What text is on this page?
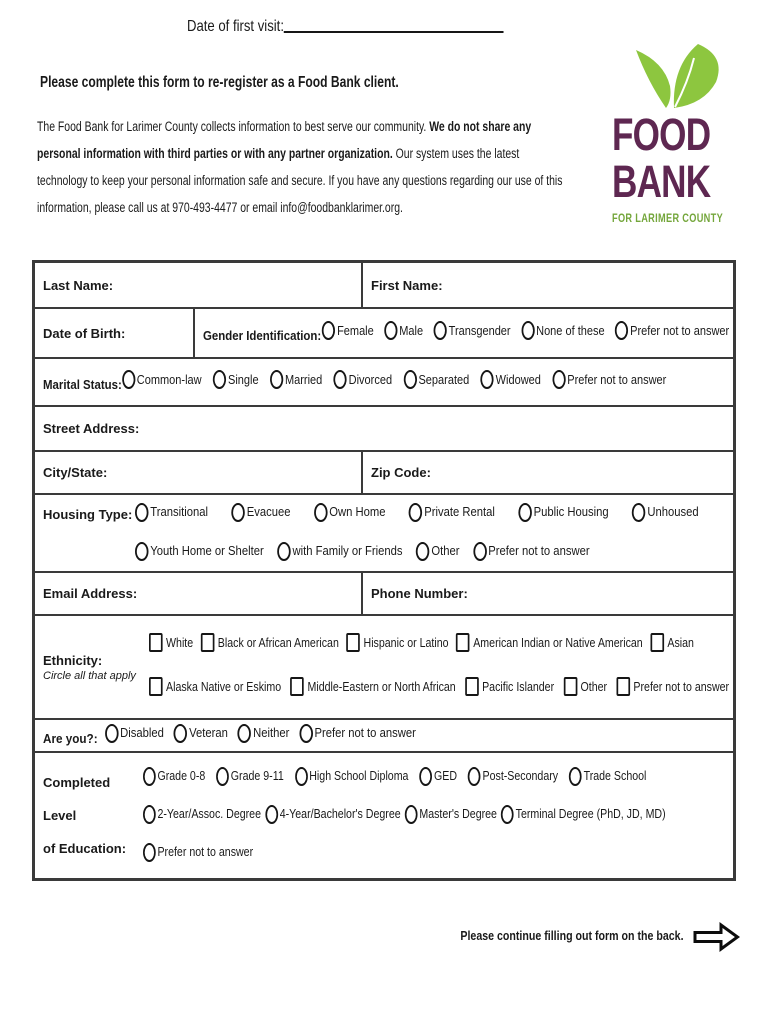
Date of first visit:
Please complete this form to re-register as a Food Bank client.
The Food Bank for Larimer County collects information to best serve our community. We do not share any
personal information with third parties or with any partner organization. Our system uses the latest
technology to keep your personal information safe and secure. If you have any questions regarding our use of this
information, please call us at 970-493-4477 or email info@foodbanklarimer.org.
FOOD
BANK
FOR LARIMER COUNTY
Last Name:	First Name:
Date of Birth:	Gender Identification: Female Male Transgender None of these Prefer not to answer
Marital Status: Common-law Single Married Divorced Separated Widowed Prefer not to answer
Street Address:
City/State:	Zip Code:
Housing Type: Transitional	Evacuee	Own Home	Private Rental	Public Housing	Unhoused
Youth Home or Shelter with Family or Friends Other Prefer not to answer
Email Address:	Phone Number:
Ethnicity:
Circle all that apply
White Black or African American Hispanic or Latino American Indian or Native American Asian
Alaska Native or Eskimo Middle-Eastern or North African Pacific Islander Other Prefer not to answer
Are you?: Disabled Veteran Neither Prefer not to answer
Completed Level
of Education:
Grade 0-8 Grade 9-11 High School Diploma GED Post-Secondary Trade School
2-Year/Assoc. Degree 4-Year/Bachelor's Degree Master's Degree Terminal Degree (PhD, JD, MD)
Prefer not to answer
Please continue filling out form on the back.
